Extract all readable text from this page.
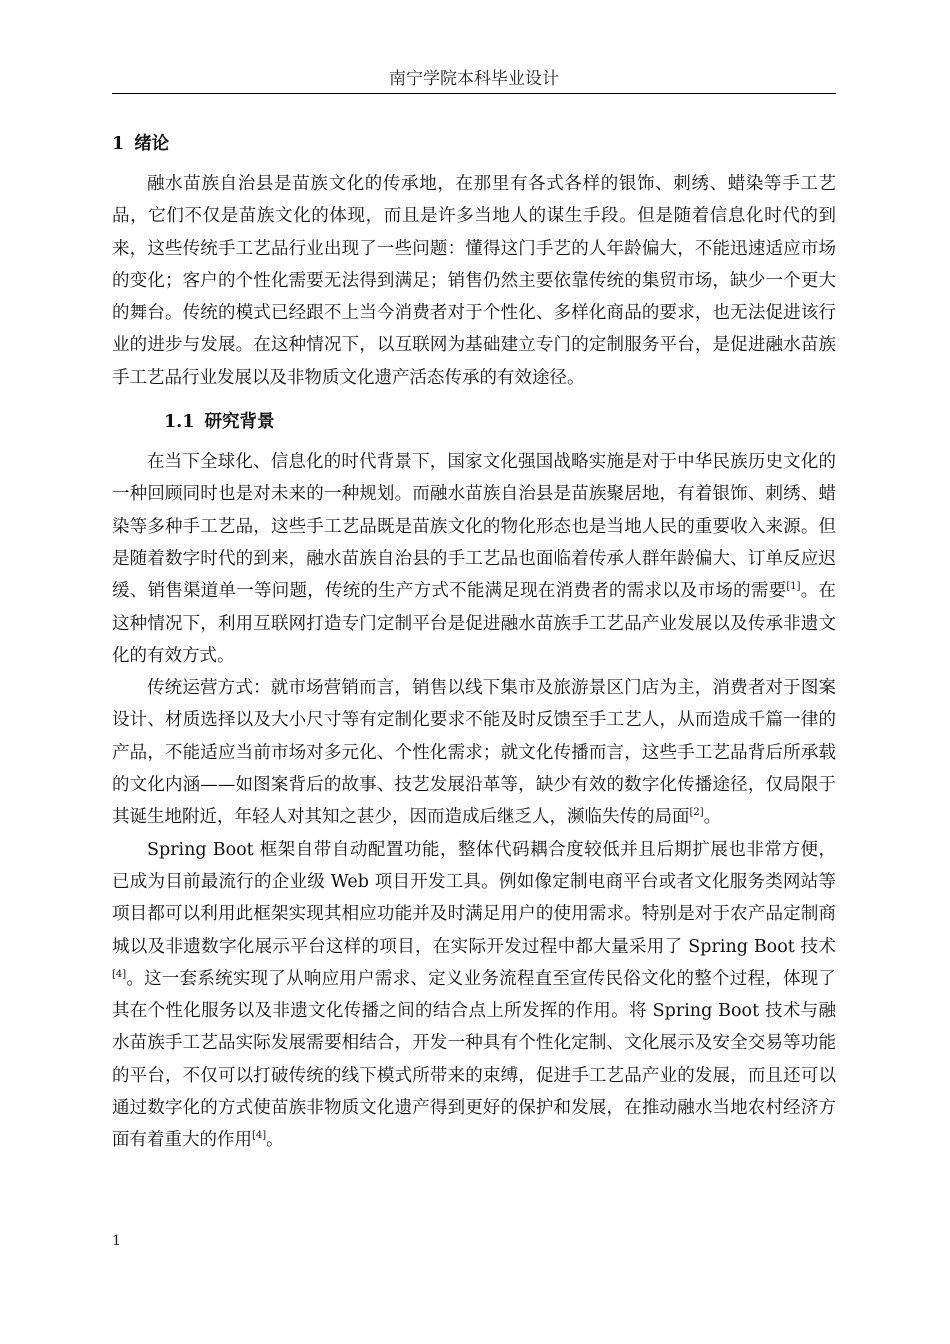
南宁学院本科毕业设计
1 绪论

融水苗族自治县是苗族文化的传承地，在那里有各式各样的银饰、刺绣、蜡染等手工艺品，它们不仅是苗族文化的体现，而且是许多当地人的谋生手段。但是随着信息化时代的到来，这些传统手工艺品行业出现了一些问题：懂得这门手艺的人年龄偏大，不能迅速适应市场的变化；客户的个性化需要无法得到满足；销售仍然主要依靠传统的集贸市场，缺少一个更大的舞台。传统的模式已经跟不上当今消费者对于个性化、多样化商品的要求，也无法促进该行业的进步与发展。在这种情况下，以互联网为基础建立专门的定制服务平台，是促进融水苗族手工艺品行业发展以及非物质文化遗产活态传承的有效途径。

1.1 研究背景

在当下全球化、信息化的时代背景下，国家文化强国战略实施是对于中华民族历史文化的一种回顾同时也是对未来的一种规划。而融水苗族自治县是苗族聚居地，有着银饰、刺绣、蜡染等多种手工艺品，这些手工艺品既是苗族文化的物化形态也是当地人民的重要收入来源。但是随着数字时代的到来，融水苗族自治县的手工艺品也面临着传承人群年龄偏大、订单反应迟缓、销售渠道单一等问题，传统的生产方式不能满足现在消费者的需求以及市场的需要[1]。在这种情况下，利用互联网打造专门定制平台是促进融水苗族手工艺品产业发展以及传承非遗文化的有效方式。

传统运营方式：就市场营销而言，销售以线下集市及旅游景区门店为主，消费者对于图案设计、材质选择以及大小尺寸等有定制化要求不能及时反馈至手工艺人，从而造成千篇一律的产品，不能适应当前市场对多元化、个性化需求；就文化传播而言，这些手工艺品背后所承载的文化内涵——如图案背后的故事、技艺发展沿革等，缺少有效的数字化传播途径，仅局限于其诞生地附近，年轻人对其知之甚少，因而造成后继乏人，濒临失传的局面[2]。

Spring Boot 框架自带自动配置功能，整体代码耦合度较低并且后期扩展也非常方便，已成为目前最流行的企业级 Web 项目开发工具。例如像定制电商平台或者文化服务类网站等项目都可以利用此框架实现其相应功能并及时满足用户的使用需求。特别是对于农产品定制商城以及非遗数字化展示平台这样的项目，在实际开发过程中都大量采用了 Spring Boot 技术[4]。这一套系统实现了从响应用户需求、定义业务流程直至宣传民俗文化的整个过程，体现了其在个性化服务以及非遗文化传播之间的结合点上所发挥的作用。将 Spring Boot 技术与融水苗族手工艺品实际发展需要相结合，开发一种具有个性化定制、文化展示及安全交易等功能的平台，不仅可以打破传统的线下模式所带来的束缚，促进手工艺品产业的发展，而且还可以通过数字化的方式使苗族非物质文化遗产得到更好的保护和发展，在推动融水当地农村经济方面有着重大的作用[4]。

1
